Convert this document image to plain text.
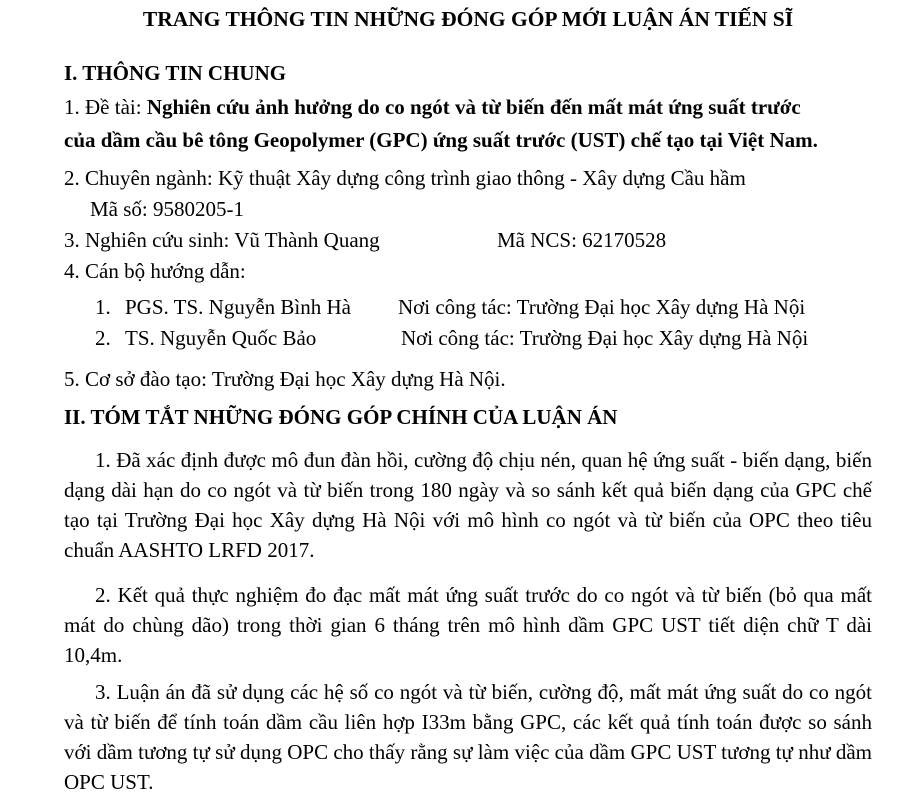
TRANG THÔNG TIN NHỮNG ĐÓNG GÓP MỚI LUẬN ÁN TIẾN SĨ
I. THÔNG TIN CHUNG
1. Đề tài: Nghiên cứu ảnh hưởng do co ngót và từ biến đến mất mát ứng suất trước
của dầm cầu bê tông Geopolymer (GPC) ứng suất trước (UST) chế tạo tại Việt Nam.
2. Chuyên ngành: Kỹ thuật Xây dựng công trình giao thông - Xây dựng Cầu hầm
Mã số: 9580205-1
3. Nghiên cứu sinh: Vũ Thành Quang	Mã NCS: 62170528
4. Cán bộ hướng dẫn:
1. PGS. TS. Nguyễn Bình Hà Nơi công tác: Trường Đại học Xây dựng Hà Nội
2. TS. Nguyễn Quốc Bảo	Nơi công tác: Trường Đại học Xây dựng Hà Nội
5. Cơ sở đào tạo: Trường Đại học Xây dựng Hà Nội.
II. TÓM TẮT NHỮNG ĐÓNG GÓP CHÍNH CỦA LUẬN ÁN
1. Đã xác định được mô đun đàn hồi, cường độ chịu nén, quan hệ ứng suất - biến dạng, biến dạng dài hạn do co ngót và từ biến trong 180 ngày và so sánh kết quả biến dạng của GPC chế tạo tại Trường Đại học Xây dựng Hà Nội với mô hình co ngót và từ biến của OPC theo tiêu chuẩn AASHTO LRFD 2017.
2. Kết quả thực nghiệm đo đạc mất mát ứng suất trước do co ngót và từ biến (bỏ qua mất mát do chùng dão) trong thời gian 6 tháng trên mô hình dầm GPC UST tiết diện chữ T dài 10,4m.
3. Luận án đã sử dụng các hệ số co ngót và từ biến, cường độ, mất mát ứng suất do co ngót và từ biến để tính toán dầm cầu liên hợp I33m bằng GPC, các kết quả tính toán được so sánh với dầm tương tự sử dụng OPC cho thấy rằng sự làm việc của dầm GPC UST tương tự như dầm OPC UST.
